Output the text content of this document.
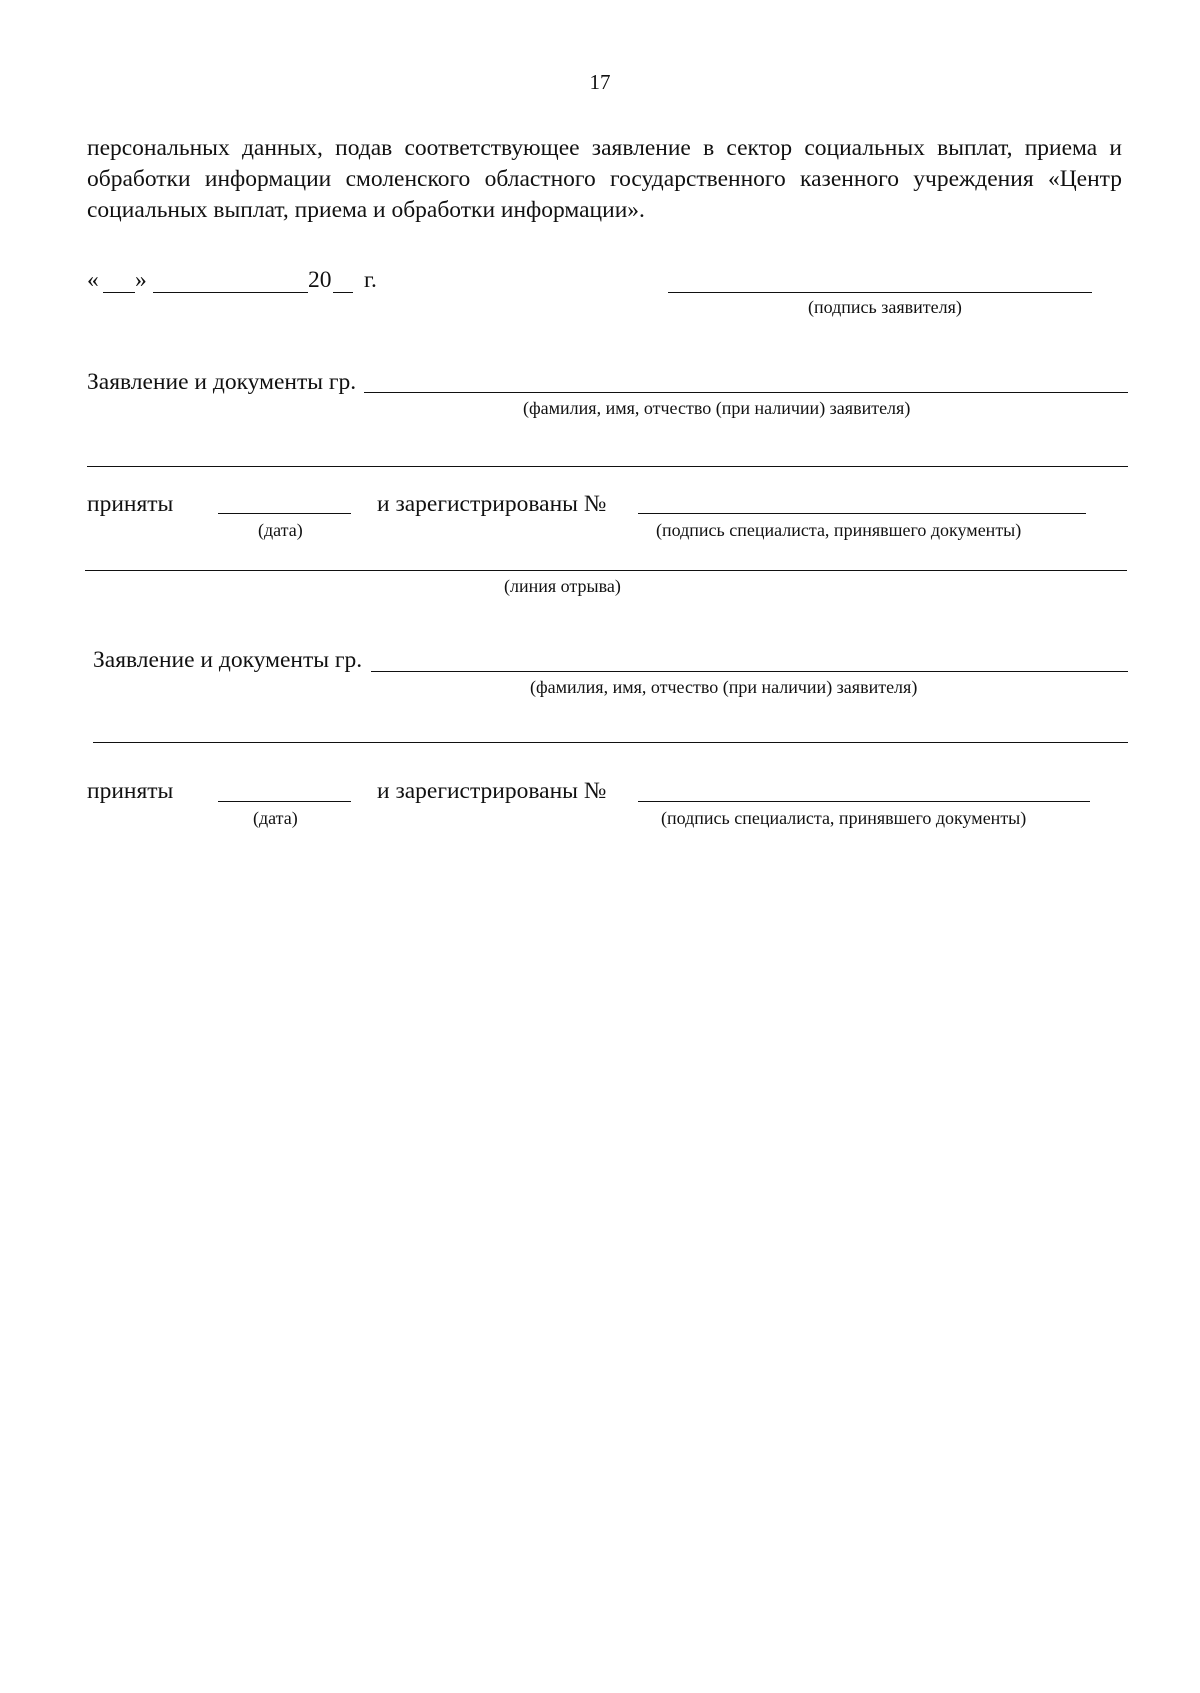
17
персональных данных, подав соответствующее заявление в сектор социальных выплат, приема и обработки информации смоленского областного государственного казенного учреждения «Центр социальных выплат, приема и обработки информации».
« »	20 г.
(подпись заявителя)
Заявление и документы гр.
(фамилия, имя, отчество (при наличии) заявителя)
приняты
(дата)
и зарегистрированы №
(подпись специалиста, принявшего документы)
(линия отрыва)
Заявление и документы гр.
(фамилия, имя, отчество (при наличии) заявителя)
приняты
(дата)
и зарегистрированы №
(подпись специалиста, принявшего документы)
